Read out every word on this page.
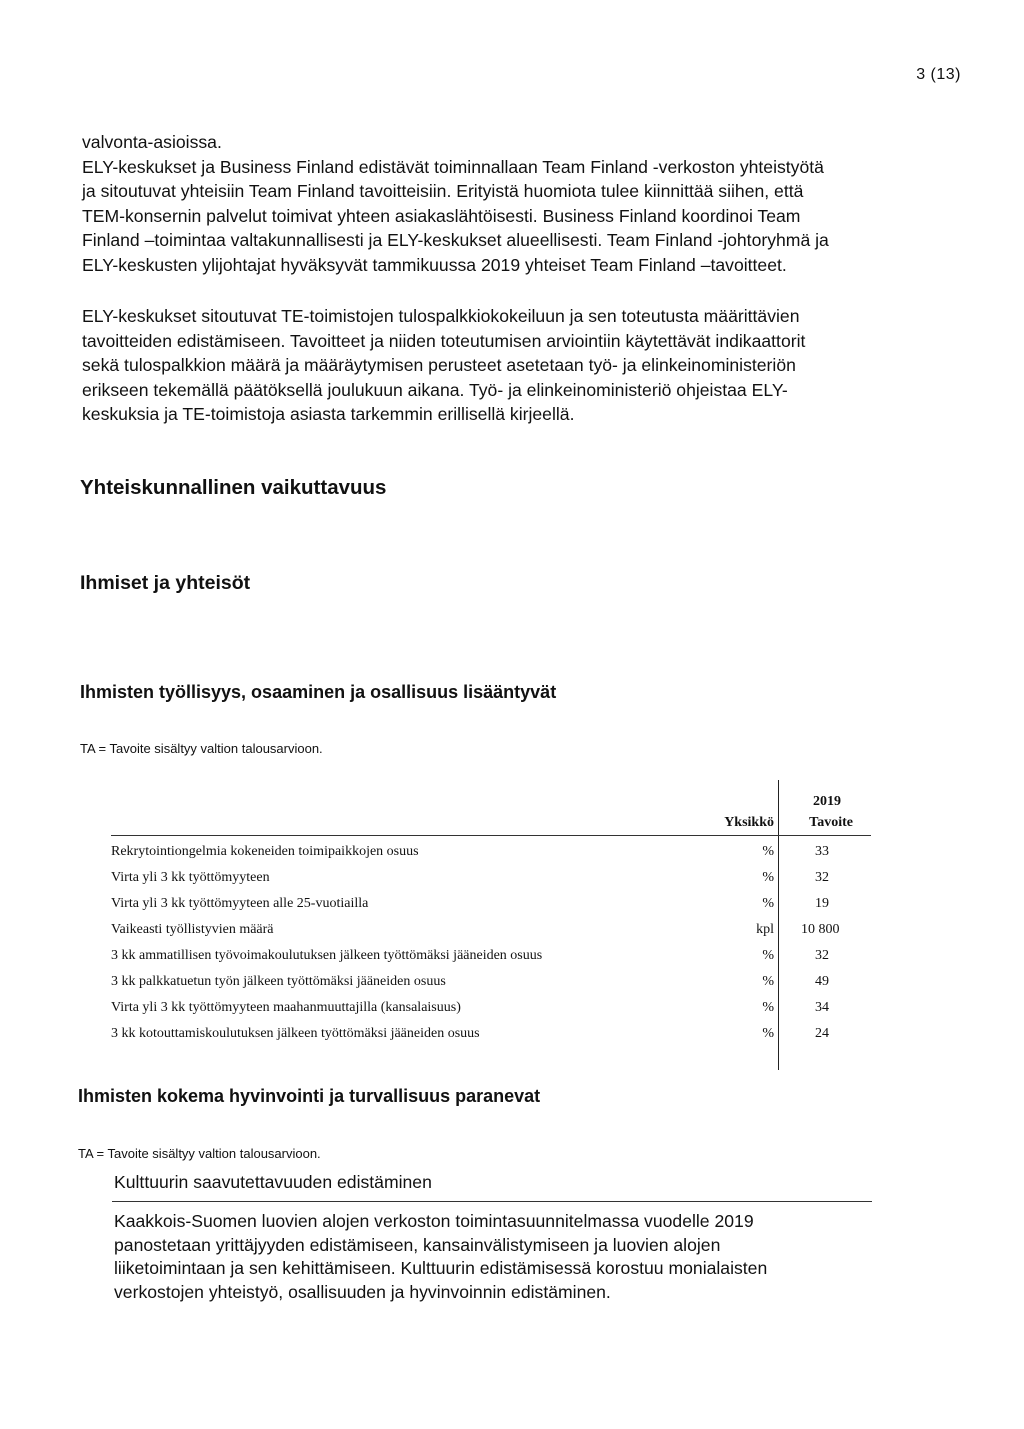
3 (13)
valvonta-asioissa.
ELY-keskukset ja Business Finland edistävät toiminnallaan Team Finland -verkoston yhteistyötä
ja sitoutuvat yhteisiin Team Finland tavoitteisiin. Erityistä huomiota tulee kiinnittää siihen, että
TEM-konsernin palvelut toimivat yhteen asiakaslähtöisesti. Business Finland koordinoi Team
Finland –toimintaa valtakunnallisesti ja ELY-keskukset alueellisesti. Team Finland -johtoryhmä ja
ELY-keskusten ylijohtajat hyväksyvät tammikuussa 2019 yhteiset Team Finland –tavoitteet.
ELY-keskukset sitoutuvat TE-toimistojen tulospalkkiokokeiluun ja sen toteutusta määrittävien
tavoitteiden edistämiseen. Tavoitteet ja niiden toteutumisen arviointiin käytettävät indikaattorit
sekä tulospalkkion määrä ja määräytymisen perusteet asetetaan työ- ja elinkeinoministeriön
erikseen tekemällä päätöksellä joulukuun aikana. Työ- ja elinkeinoministeriö ohjeistaa ELY-
keskuksia ja TE-toimistoja asiasta tarkemmin erillisellä kirjeellä.
Yhteiskunnallinen vaikuttavuus
Ihmiset ja yhteisöt
Ihmisten työllisyys, osaaminen ja osallisuus lisääntyvät
TA = Tavoite sisältyy valtion talousarvioon.
2019
Yksikkö	Tavoite
Rekrytointiongelmia kokeneiden toimipaikkojen osuus	%	33
Virta yli 3 kk työttömyyteen	%	32
Virta yli 3 kk työttömyyteen alle 25-vuotiailla	%	19
Vaikeasti työllistyvien määrä	kpl 10 800
3 kk ammatillisen työvoimakoulutuksen jälkeen työttömäksi jääneiden osuus	%	32
3 kk palkkatuetun työn jälkeen työttömäksi jääneiden osuus	%	49
Virta yli 3 kk työttömyyteen maahanmuuttajilla (kansalaisuus)	%	34
3 kk kotouttamiskoulutuksen jälkeen työttömäksi jääneiden osuus	%	24
Ihmisten kokema hyvinvointi ja turvallisuus paranevat
TA = Tavoite sisältyy valtion talousarvioon.
Kulttuurin saavutettavuuden edistäminen
Kaakkois-Suomen luovien alojen verkoston toimintasuunnitelmassa vuodelle 2019
panostetaan yrittäjyyden edistämiseen, kansainvälistymiseen ja luovien alojen
liiketoimintaan ja sen kehittämiseen. Kulttuurin edistämisessä korostuu monialaisten
verkostojen yhteistyö, osallisuuden ja hyvinvoinnin edistäminen.
